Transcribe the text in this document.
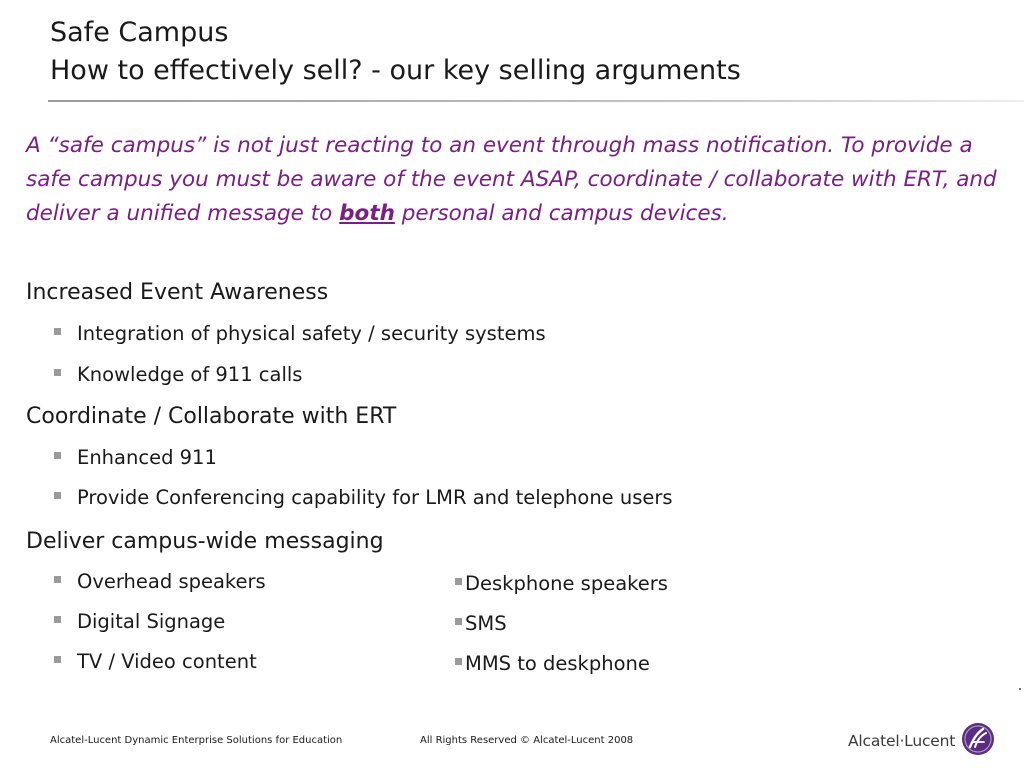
Safe Campus
How to effectively sell? - our key selling arguments
A “safe campus” is not just reacting to an event through mass notification. To provide a safe campus you must be aware of the event ASAP, coordinate / collaborate with ERT, and deliver a unified message to both personal and campus devices.
Increased Event Awareness
Integration of physical safety / security systems
Knowledge of 911 calls
Coordinate / Collaborate with ERT
Enhanced 911
Provide Conferencing capability for LMR and telephone users
Deliver campus-wide messaging
Overhead speakers
Digital Signage
TV / Video content
Deskphone speakers
SMS
MMS to deskphone
Alcatel-Lucent Dynamic Enterprise Solutions for Education	All Rights Reserved © Alcatel-Lucent 2008	Alcatel·Lucent
